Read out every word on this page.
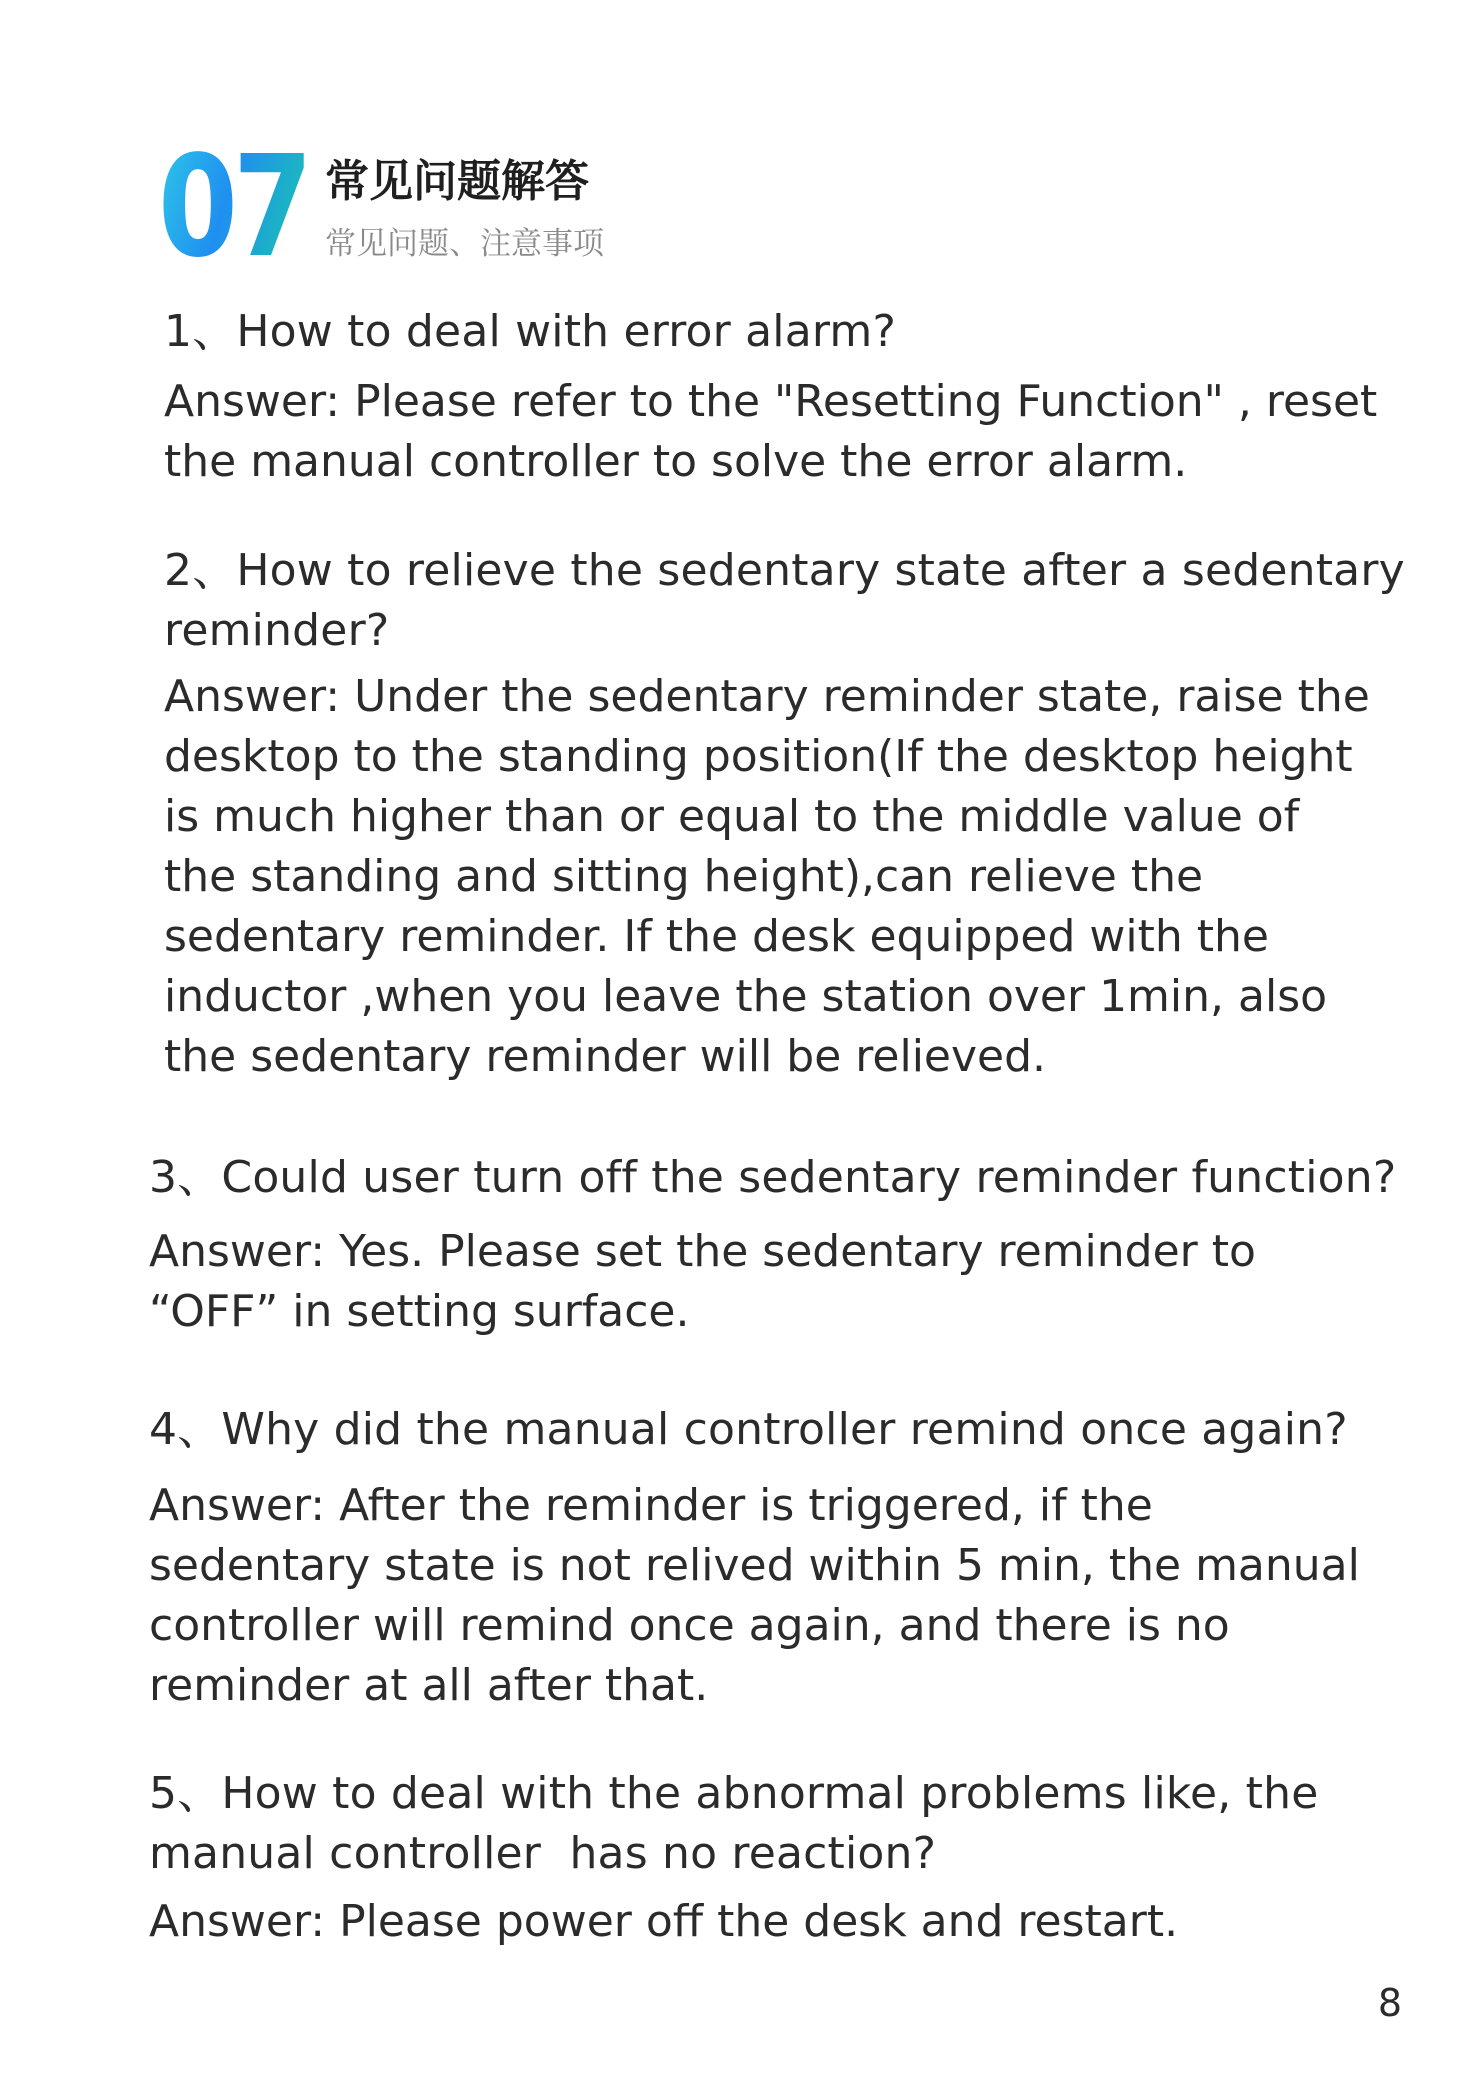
07 常见问题解答
常见问题、注意事项

1、How to deal with error alarm?

Answer: Please refer to the "Resetting Function" , reset
the manual controller to solve the error alarm.

2、How to relieve the sedentary state after a sedentary
reminder?

Answer: Under the sedentary reminder state, raise the
desktop to the standing position(If the desktop height
is much higher than or equal to the middle value of
the standing and sitting height),can relieve the
sedentary reminder. If the desk equipped with the
inductor ,when you leave the station over 1min, also
the sedentary reminder will be relieved.

3、Could user turn off the sedentary reminder function?

Answer: Yes. Please set the sedentary reminder to
“OFF” in setting surface.

4、Why did the manual controller remind once again?

Answer: After the reminder is triggered, if the
sedentary state is not relived within 5 min, the manual
controller will remind once again, and there is no
reminder at all after that.

5、How to deal with the abnormal problems like, the
manual controller  has no reaction?

Answer: Please power off the desk and restart.

8
